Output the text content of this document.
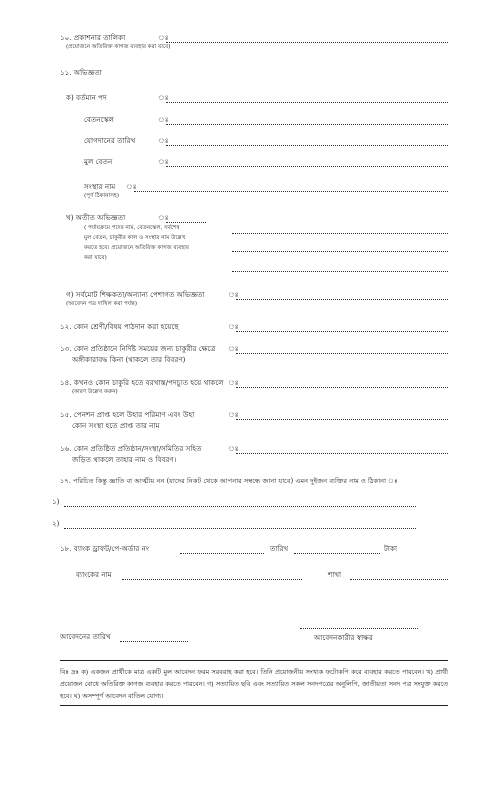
১০. প্রকাশনার তালিকা	ঃ
(প্রয়োজনে অতিরিক্ত কাগজ ব্যবহার করা যাবে)
১১. অভিজ্ঞতা
ক) বর্তমান পদ	ঃ
বেতনস্কেল	ঃ
যোগদানের তারিখ	ঃ
মুল বেতন	ঃ
সংস্থার নাম ঃ
(পূর্ণ ঠিকানাসহ)
খ) অতীত অভিজ্ঞতা	ঃ
( পর্যায়ক্রমে পদের নাম, বেতনস্কেল, সর্বশেষ
মুল বেতন, চাকুরীর কাল ও সংস্থার নাম উল্লেখ
করতে হবে। প্রয়োজনে অতিরিক্ত কাগজ ব্যবহার
করা যাবে)
গ) সর্বমোট শিক্ষকতা/অন্যান্য পেশাগত অভিজ্ঞতা	ঃ
(আবেদন পত্র দাখিল করা পর্যন্ত)
১২. কোন শ্রেণী/বিষয় পাঠদান করা হয়েছে	ঃ
১৩. কোন প্রতিষ্ঠানে নির্দিষ্ট সময়ের জন্য চাকুরীর ক্ষেত্রে ঃ
অঙ্গীকারাবদ্ধ কিনা (থাকলে তার বিবরণ)
১৪. কখনও কোন চাকুরি হতে বরখাস্ত/পদচ্যুত হয়ে থাকলে ঃ
(কারণ উল্লেখ করুন)
১৫. পেনশন প্রাপ্ত হলে উহার পরিমাণ এবং উহা	ঃ
কোন সংস্থা হতে প্রাপ্ত তার নাম
১৬. কোন প্রতিষ্ঠিত প্রতিষ্ঠান/সংস্থা/সমিতির সহিত	ঃ
জড়িত থাকলে তাহার নাম ও বিবরণ।
১৭. পরিচিত কিন্তু জ্ঞাতি বা আত্মীয় নন (যাদের নিকট থেকে আপনার সম্বন্ধে জানা যাবে) এমন দুইজন ব্যক্তির নাম ও ঠিকানা ঃ
১)
২)
১৮. ব্যাংক ড্রাফট/পে-অর্ডার নং	তারিখ	টাকা
ব্যাংকের নাম	শাখা
আবেদনের তারিখ	আবেদনকারীর স্বাক্ষর
বিঃ দ্রঃ ক) একজন প্রার্থীকে মাত্র একটি মুল আবেদন ফরম সরবরাহ করা হবে। তিনি প্রয়োজনীয় সংখ্যক ফটোকপি করে ব্যবহার করতে পারবেন। খ) প্রার্থী প্রয়োজন বোধে অতিরিক্ত কাগজ ব্যবহার করতে পারবেন। গ) সত্যায়িত ছবি এবং সত্যায়িত সকল সনদপত্রের অনুলিপি, জাতীয়তা সনদ পত্র সংযুক্ত করতে হবে। ঘ) অসম্পূর্ণ আবেদন বাতিল যোগ্য।
